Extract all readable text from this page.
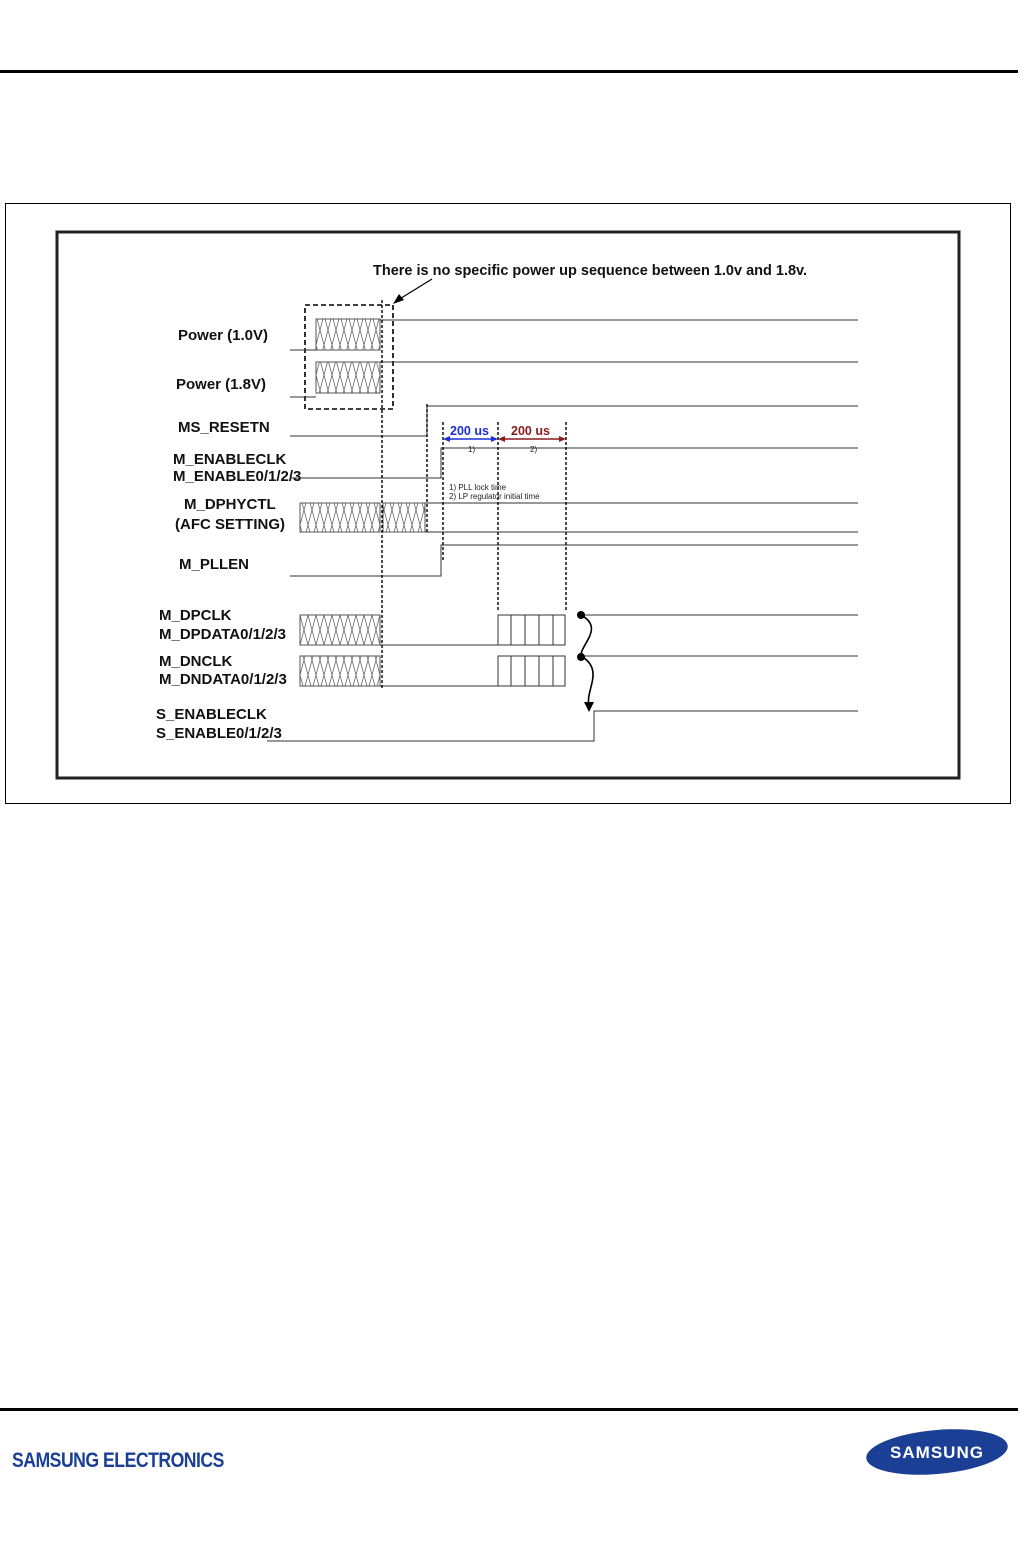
There is no specific power up sequence between 1.0v and 1.8v.
Power (1.0V)
Power (1.8V)
MS_RESETN
M_ENABLECLK
M_ENABLE0/1/2/3
M_DPHYCTL
(AFC SETTING)
M_PLLEN
M_DPCLK
M_DPDATA0/1/2/3
M_DNCLK
M_DNDATA0/1/2/3
S_ENABLECLK
S_ENABLE0/1/2/3
200 us
1)
200 us
2)
1) PLL lock time
2) LP regulator initial time
SAMSUNG ELECTRONICS	SAMSUNG
